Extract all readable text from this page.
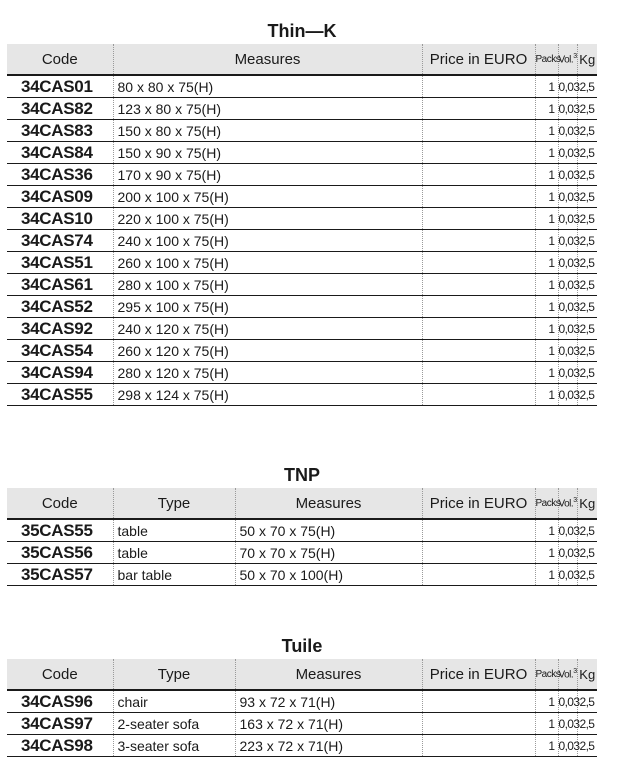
Thin—K
Code	Measures	Price in EURO	Packs	Vol.$^3$	Kg
34CAS01	80 x 80 x 75(H)		1	0,03	2,5
34CAS82	123 x 80 x 75(H)		1	0,03	2,5
34CAS83	150 x 80 x 75(H)		1	0,03	2,5
34CAS84	150 x 90 x 75(H)		1	0,03	2,5
34CAS36	170 x 90 x 75(H)		1	0,03	2,5
34CAS09	200 x 100 x 75(H)		1	0,03	2,5
34CAS10	220 x 100 x 75(H)		1	0,03	2,5
34CAS74	240 x 100 x 75(H)		1	0,03	2,5
34CAS51	260 x 100 x 75(H)		1	0,03	2,5
34CAS61	280 x 100 x 75(H)		1	0,03	2,5
34CAS52	295 x 100 x 75(H)		1	0,03	2,5
34CAS92	240 x 120 x 75(H)		1	0,03	2,5
34CAS54	260 x 120 x 75(H)		1	0,03	2,5
34CAS94	280 x 120 x 75(H)		1	0,03	2,5
34CAS55	298 x 124 x 75(H)		1	0,03	2,5
TNP
Code	Type	Measures	Price in EURO	Packs	Vol.$^3$	Kg
35CAS55	table	50 x 70 x 75(H)		1	0,03	2,5
35CAS56	table	70 x 70 x 75(H)		1	0,03	2,5
35CAS57	bar table	50 x 70 x 100(H)		1	0,03	2,5
Tuile
Code	Type	Measures	Price in EURO	Packs	Vol.$^3$	Kg
34CAS96	chair	93 x 72 x 71(H)		1	0,03	2,5
34CAS97	2-seater sofa	163 x 72 x 71(H)		1	0,03	2,5
34CAS98	3-seater sofa	223 x 72 x 71(H)		1	0,03	2,5
